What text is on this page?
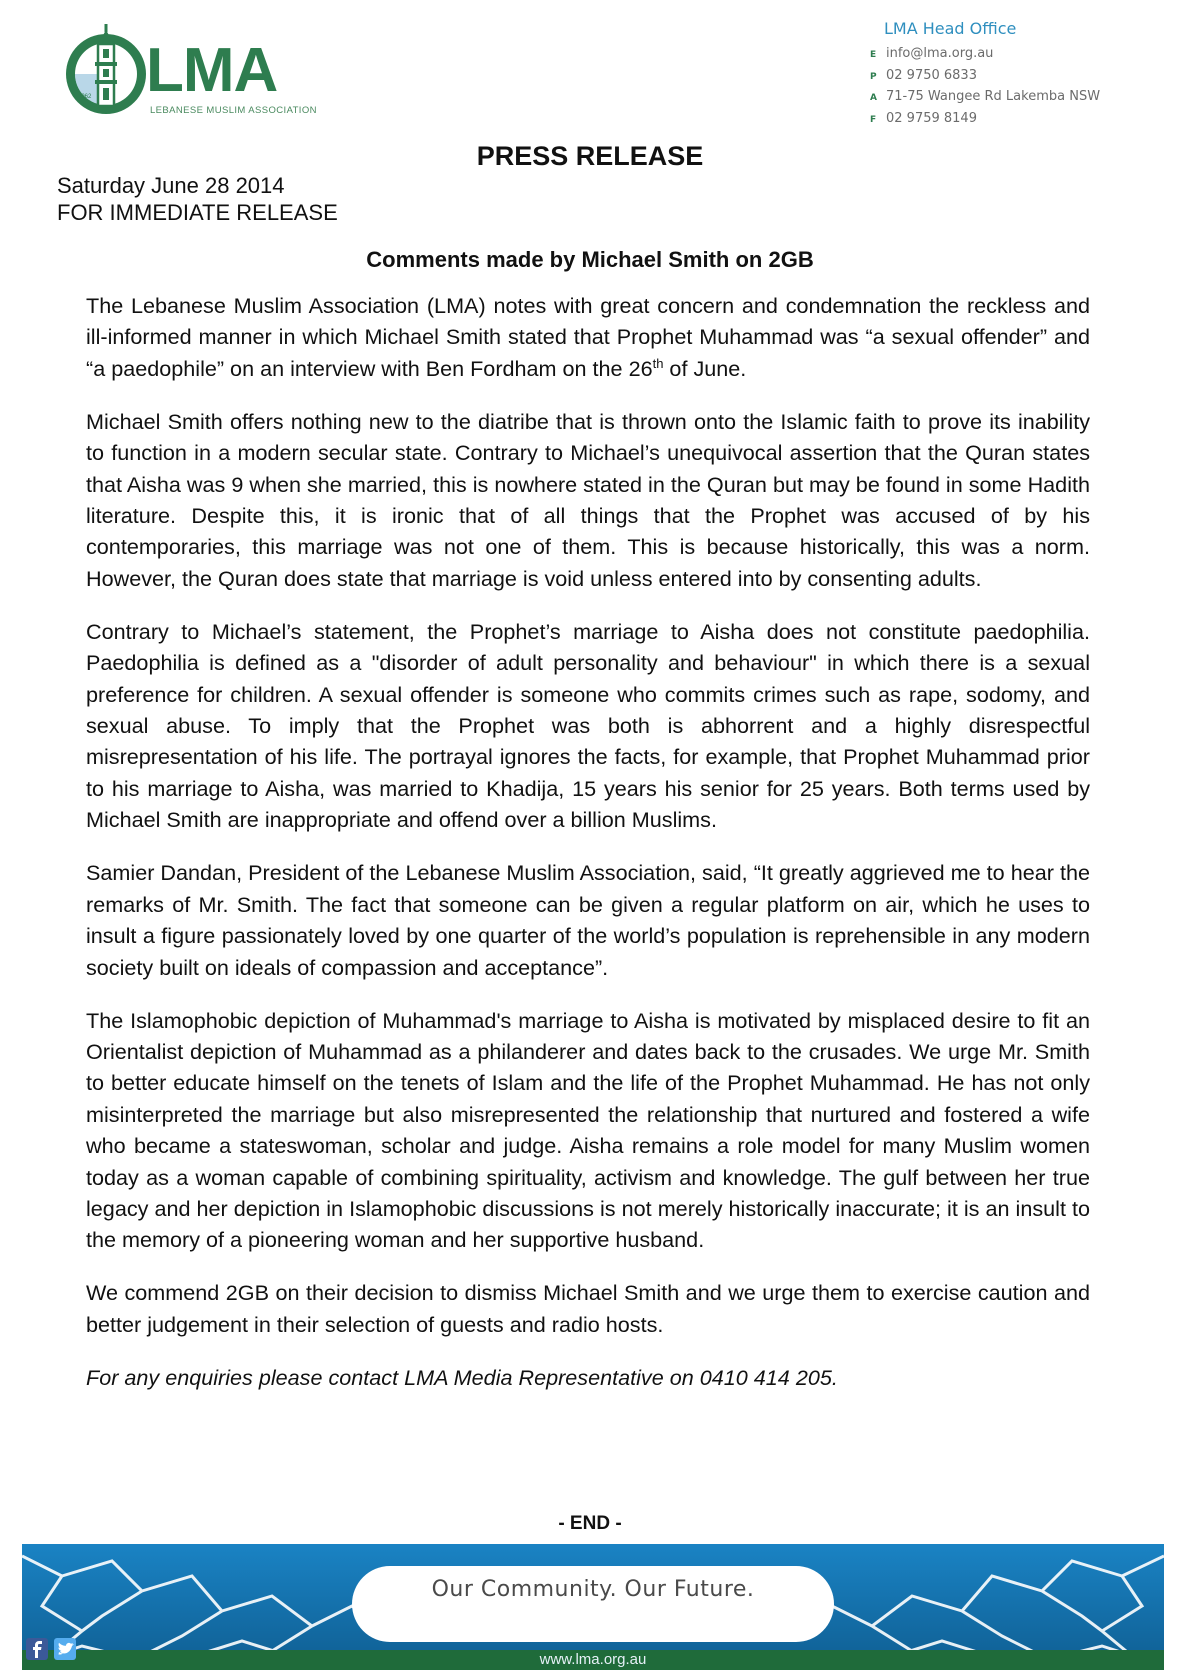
1962 LMA
LEBANESE MUSLIM ASSOCIATION
LMA Head Office
E info@lma.org.au
P 02 9750 6833
A 71-75 Wangee Rd Lakemba NSW
F 02 9759 8149
PRESS RELEASE
Saturday June 28 2014
FOR IMMEDIATE RELEASE
Comments made by Michael Smith on 2GB

The Lebanese Muslim Association (LMA) notes with great concern and condemnation the reckless and ill-informed manner in which Michael Smith stated that Prophet Muhammad was “a sexual offender” and “a paedophile” on an interview with Ben Fordham on the 26th of June.

Michael Smith offers nothing new to the diatribe that is thrown onto the Islamic faith to prove its inability to function in a modern secular state. Contrary to Michael’s unequivocal assertion that the Quran states that Aisha was 9 when she married, this is nowhere stated in the Quran but may be found in some Hadith literature. Despite this, it is ironic that of all things that the Prophet was accused of by his contemporaries, this marriage was not one of them. This is because historically, this was a norm. However, the Quran does state that marriage is void unless entered into by consenting adults.

Contrary to Michael’s statement, the Prophet’s marriage to Aisha does not constitute paedophilia. Paedophilia is defined as a "disorder of adult personality and behaviour" in which there is a sexual preference for children. A sexual offender is someone who commits crimes such as rape, sodomy, and sexual abuse. To imply that the Prophet was both is abhorrent and a highly disrespectful misrepresentation of his life. The portrayal ignores the facts, for example, that Prophet Muhammad prior to his marriage to Aisha, was married to Khadija, 15 years his senior for 25 years. Both terms used by Michael Smith are inappropriate and offend over a billion Muslims.

Samier Dandan, President of the Lebanese Muslim Association, said, “It greatly aggrieved me to hear the remarks of Mr. Smith. The fact that someone can be given a regular platform on air, which he uses to insult a figure passionately loved by one quarter of the world’s population is reprehensible in any modern society built on ideals of compassion and acceptance”.

The Islamophobic depiction of Muhammad's marriage to Aisha is motivated by misplaced desire to fit an Orientalist depiction of Muhammad as a philanderer and dates back to the crusades. We urge Mr. Smith to better educate himself on the tenets of Islam and the life of the Prophet Muhammad. He has not only misinterpreted the marriage but also misrepresented the relationship that nurtured and fostered a wife who became a stateswoman, scholar and judge. Aisha remains a role model for many Muslim women today as a woman capable of combining spirituality, activism and knowledge. The gulf between her true legacy and her depiction in Islamophobic discussions is not merely historically inaccurate; it is an insult to the memory of a pioneering woman and her supportive husband.

We commend 2GB on their decision to dismiss Michael Smith and we urge them to exercise caution and better judgement in their selection of guests and radio hosts.

For any enquiries please contact LMA Media Representative on 0410 414 205.

- END -
Our Community. Our Future.
www.lma.org.au
